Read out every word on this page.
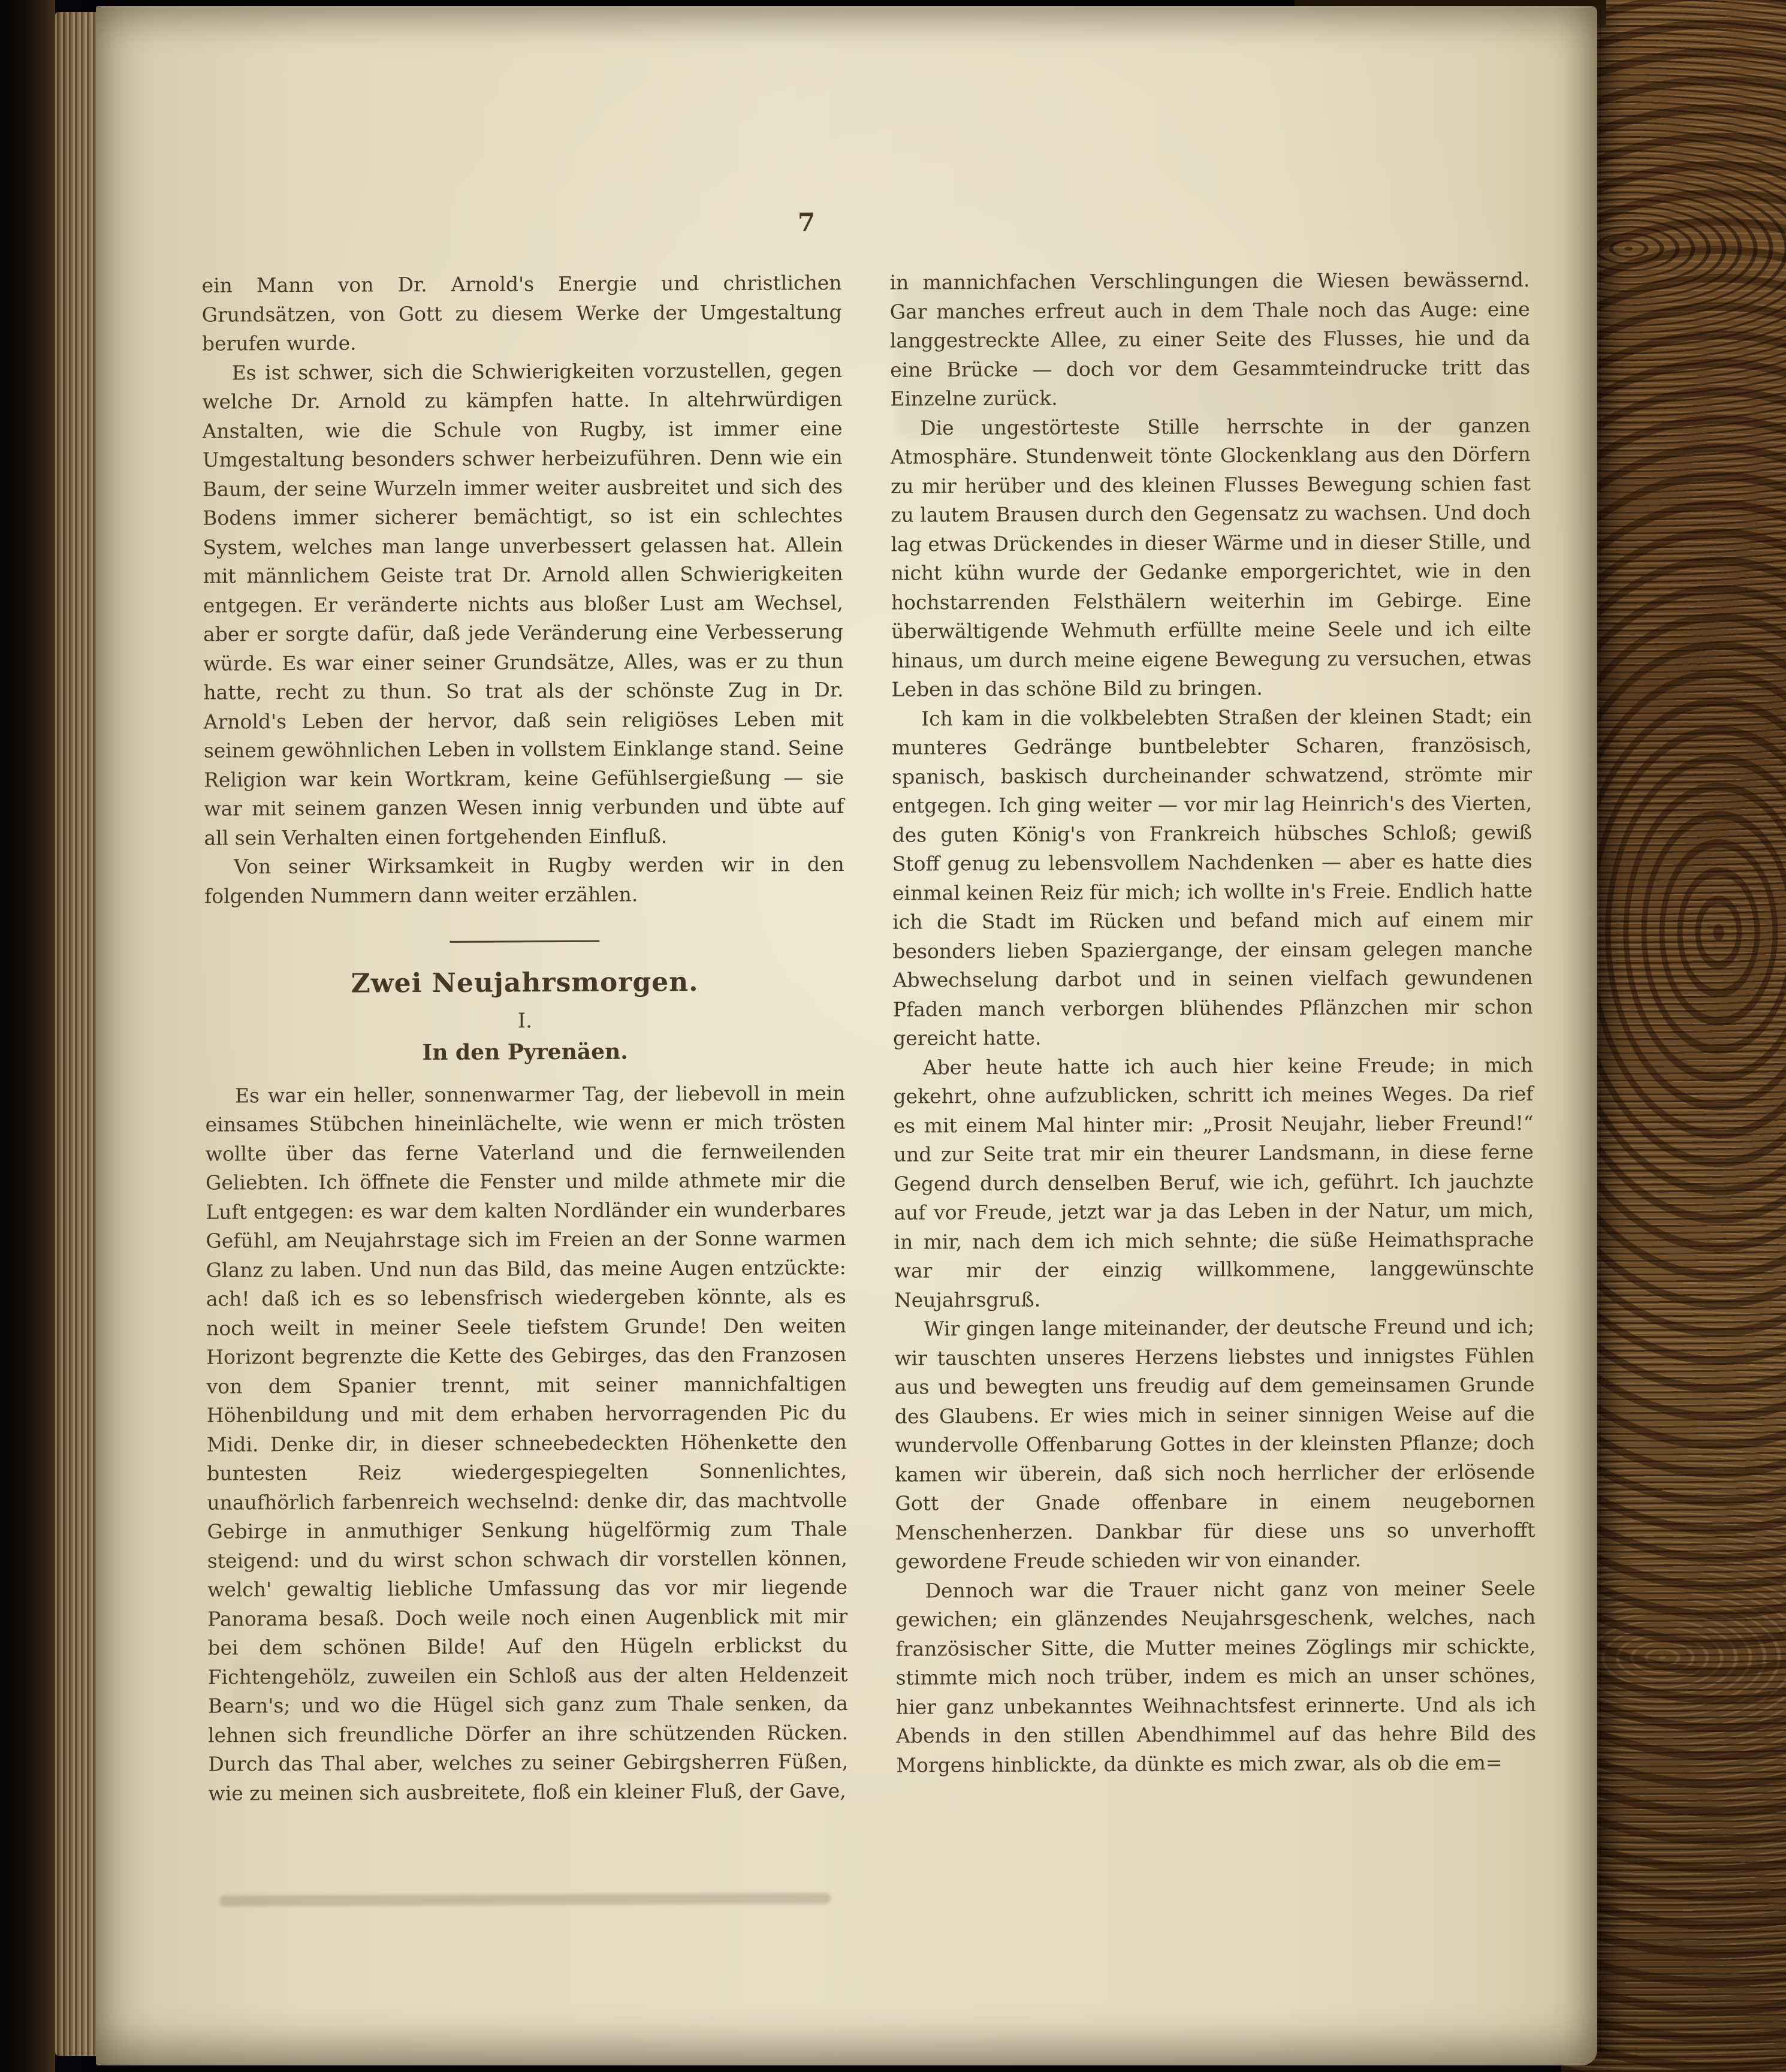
7

ein Mann von Dr. Arnold's Energie und christlichen Grundsätzen, von Gott zu diesem Werke der Umgestaltung berufen wurde.

Es ist schwer, sich die Schwierigkeiten vorzustellen, gegen welche Dr. Arnold zu kämpfen hatte. In altehrwürdigen Anstalten, wie die Schule von Rugby, ist immer eine Umgestaltung besonders schwer herbeizuführen. Denn wie ein Baum, der seine Wurzeln immer weiter ausbreitet und sich des Bodens immer sicherer bemächtigt, so ist ein schlechtes System, welches man lange unverbessert gelassen hat. Allein mit männlichem Geiste trat Dr. Arnold allen Schwierigkeiten entgegen. Er veränderte nichts aus bloßer Lust am Wechsel, aber er sorgte dafür, daß jede Veränderung eine Verbesserung würde. Es war einer seiner Grundsätze, Alles, was er zu thun hatte, recht zu thun. So trat als der schönste Zug in Dr. Arnold's Leben der hervor, daß sein religiöses Leben mit seinem gewöhnlichen Leben in vollstem Einklange stand. Seine Religion war kein Wortkram, keine Gefühlsergießung — sie war mit seinem ganzen Wesen innig verbunden und übte auf all sein Verhalten einen fortgehenden Einfluß.

Von seiner Wirksamkeit in Rugby werden wir in den folgenden Nummern dann weiter erzählen.

Zwei Neujahrsmorgen.
I.
In den Pyrenäen.

Es war ein heller, sonnenwarmer Tag, der liebevoll in mein einsames Stübchen hineinlächelte, wie wenn er mich trösten wollte über das ferne Vaterland und die fernweilenden Geliebten. Ich öffnete die Fenster und milde athmete mir die Luft entgegen: es war dem kalten Nordländer ein wunderbares Gefühl, am Neujahrstage sich im Freien an der Sonne warmen Glanz zu laben. Und nun das Bild, das meine Augen entzückte: ach! daß ich es so lebensfrisch wiedergeben könnte, als es noch weilt in meiner Seele tiefstem Grunde! Den weiten Horizont begrenzte die Kette des Gebirges, das den Franzosen von dem Spanier trennt, mit seiner mannichfaltigen Höhenbildung und mit dem erhaben hervorragenden Pic du Midi. Denke dir, in dieser schneebedeckten Höhenkette den buntesten Reiz wiedergespiegelten Sonnenlichtes, unaufhörlich farbenreich wechselnd: denke dir, das machtvolle Gebirge in anmuthiger Senkung hügelförmig zum Thale steigend: und du wirst schon schwach dir vorstellen können, welch' gewaltig liebliche Umfassung das vor mir liegende Panorama besaß. Doch weile noch einen Augenblick mit mir bei dem schönen Bilde! Auf den Hügeln erblickst du Fichtengehölz, zuweilen ein Schloß aus der alten Heldenzeit Bearn's; und wo die Hügel sich ganz zum Thale senken, da lehnen sich freundliche Dörfer an ihre schützenden Rücken. Durch das Thal aber, welches zu seiner Gebirgsherren Füßen, wie zu meinen sich ausbreitete, floß ein kleiner Fluß, der Gave,

in mannichfachen Verschlingungen die Wiesen bewässernd. Gar manches erfreut auch in dem Thale noch das Auge: eine langgestreckte Allee, zu einer Seite des Flusses, hie und da eine Brücke — doch vor dem Gesammteindrucke tritt das Einzelne zurück.

Die ungestörteste Stille herrschte in der ganzen Atmosphäre. Stundenweit tönte Glockenklang aus den Dörfern zu mir herüber und des kleinen Flusses Bewegung schien fast zu lautem Brausen durch den Gegensatz zu wachsen. Und doch lag etwas Drückendes in dieser Wärme und in dieser Stille, und nicht kühn wurde der Gedanke emporgerichtet, wie in den hochstarrenden Felsthälern weiterhin im Gebirge. Eine überwältigende Wehmuth erfüllte meine Seele und ich eilte hinaus, um durch meine eigene Bewegung zu versuchen, etwas Leben in das schöne Bild zu bringen.

Ich kam in die volkbelebten Straßen der kleinen Stadt; ein munteres Gedränge buntbelebter Scharen, französisch, spanisch, baskisch durcheinander schwatzend, strömte mir entgegen. Ich ging weiter — vor mir lag Heinrich's des Vierten, des guten König's von Frankreich hübsches Schloß; gewiß Stoff genug zu lebensvollem Nachdenken — aber es hatte dies einmal keinen Reiz für mich; ich wollte in's Freie. Endlich hatte ich die Stadt im Rücken und befand mich auf einem mir besonders lieben Spaziergange, der einsam gelegen manche Abwechselung darbot und in seinen vielfach gewundenen Pfaden manch verborgen blühendes Pflänzchen mir schon gereicht hatte.

Aber heute hatte ich auch hier keine Freude; in mich gekehrt, ohne aufzublicken, schritt ich meines Weges. Da rief es mit einem Mal hinter mir: „Prosit Neujahr, lieber Freund!“ und zur Seite trat mir ein theurer Landsmann, in diese ferne Gegend durch denselben Beruf, wie ich, geführt. Ich jauchzte auf vor Freude, jetzt war ja das Leben in der Natur, um mich, in mir, nach dem ich mich sehnte; die süße Heimathsprache war mir der einzig willkommene, langgewünschte Neujahrsgruß.

Wir gingen lange miteinander, der deutsche Freund und ich; wir tauschten unseres Herzens liebstes und innigstes Fühlen aus und bewegten uns freudig auf dem gemeinsamen Grunde des Glaubens. Er wies mich in seiner sinnigen Weise auf die wundervolle Offenbarung Gottes in der kleinsten Pflanze; doch kamen wir überein, daß sich noch herrlicher der erlösende Gott der Gnade offenbare in einem neugebornen Menschenherzen. Dankbar für diese uns so unverhofft gewordene Freude schieden wir von einander.

Dennoch war die Trauer nicht ganz von meiner Seele gewichen; ein glänzendes Neujahrsgeschenk, welches, nach französischer Sitte, die Mutter meines Zöglings mir schickte, stimmte mich noch trüber, indem es mich an unser schönes, hier ganz unbekanntes Weihnachtsfest erinnerte. Und als ich Abends in den stillen Abendhimmel auf das hehre Bild des Morgens hinblickte, da dünkte es mich zwar, als ob die em=
